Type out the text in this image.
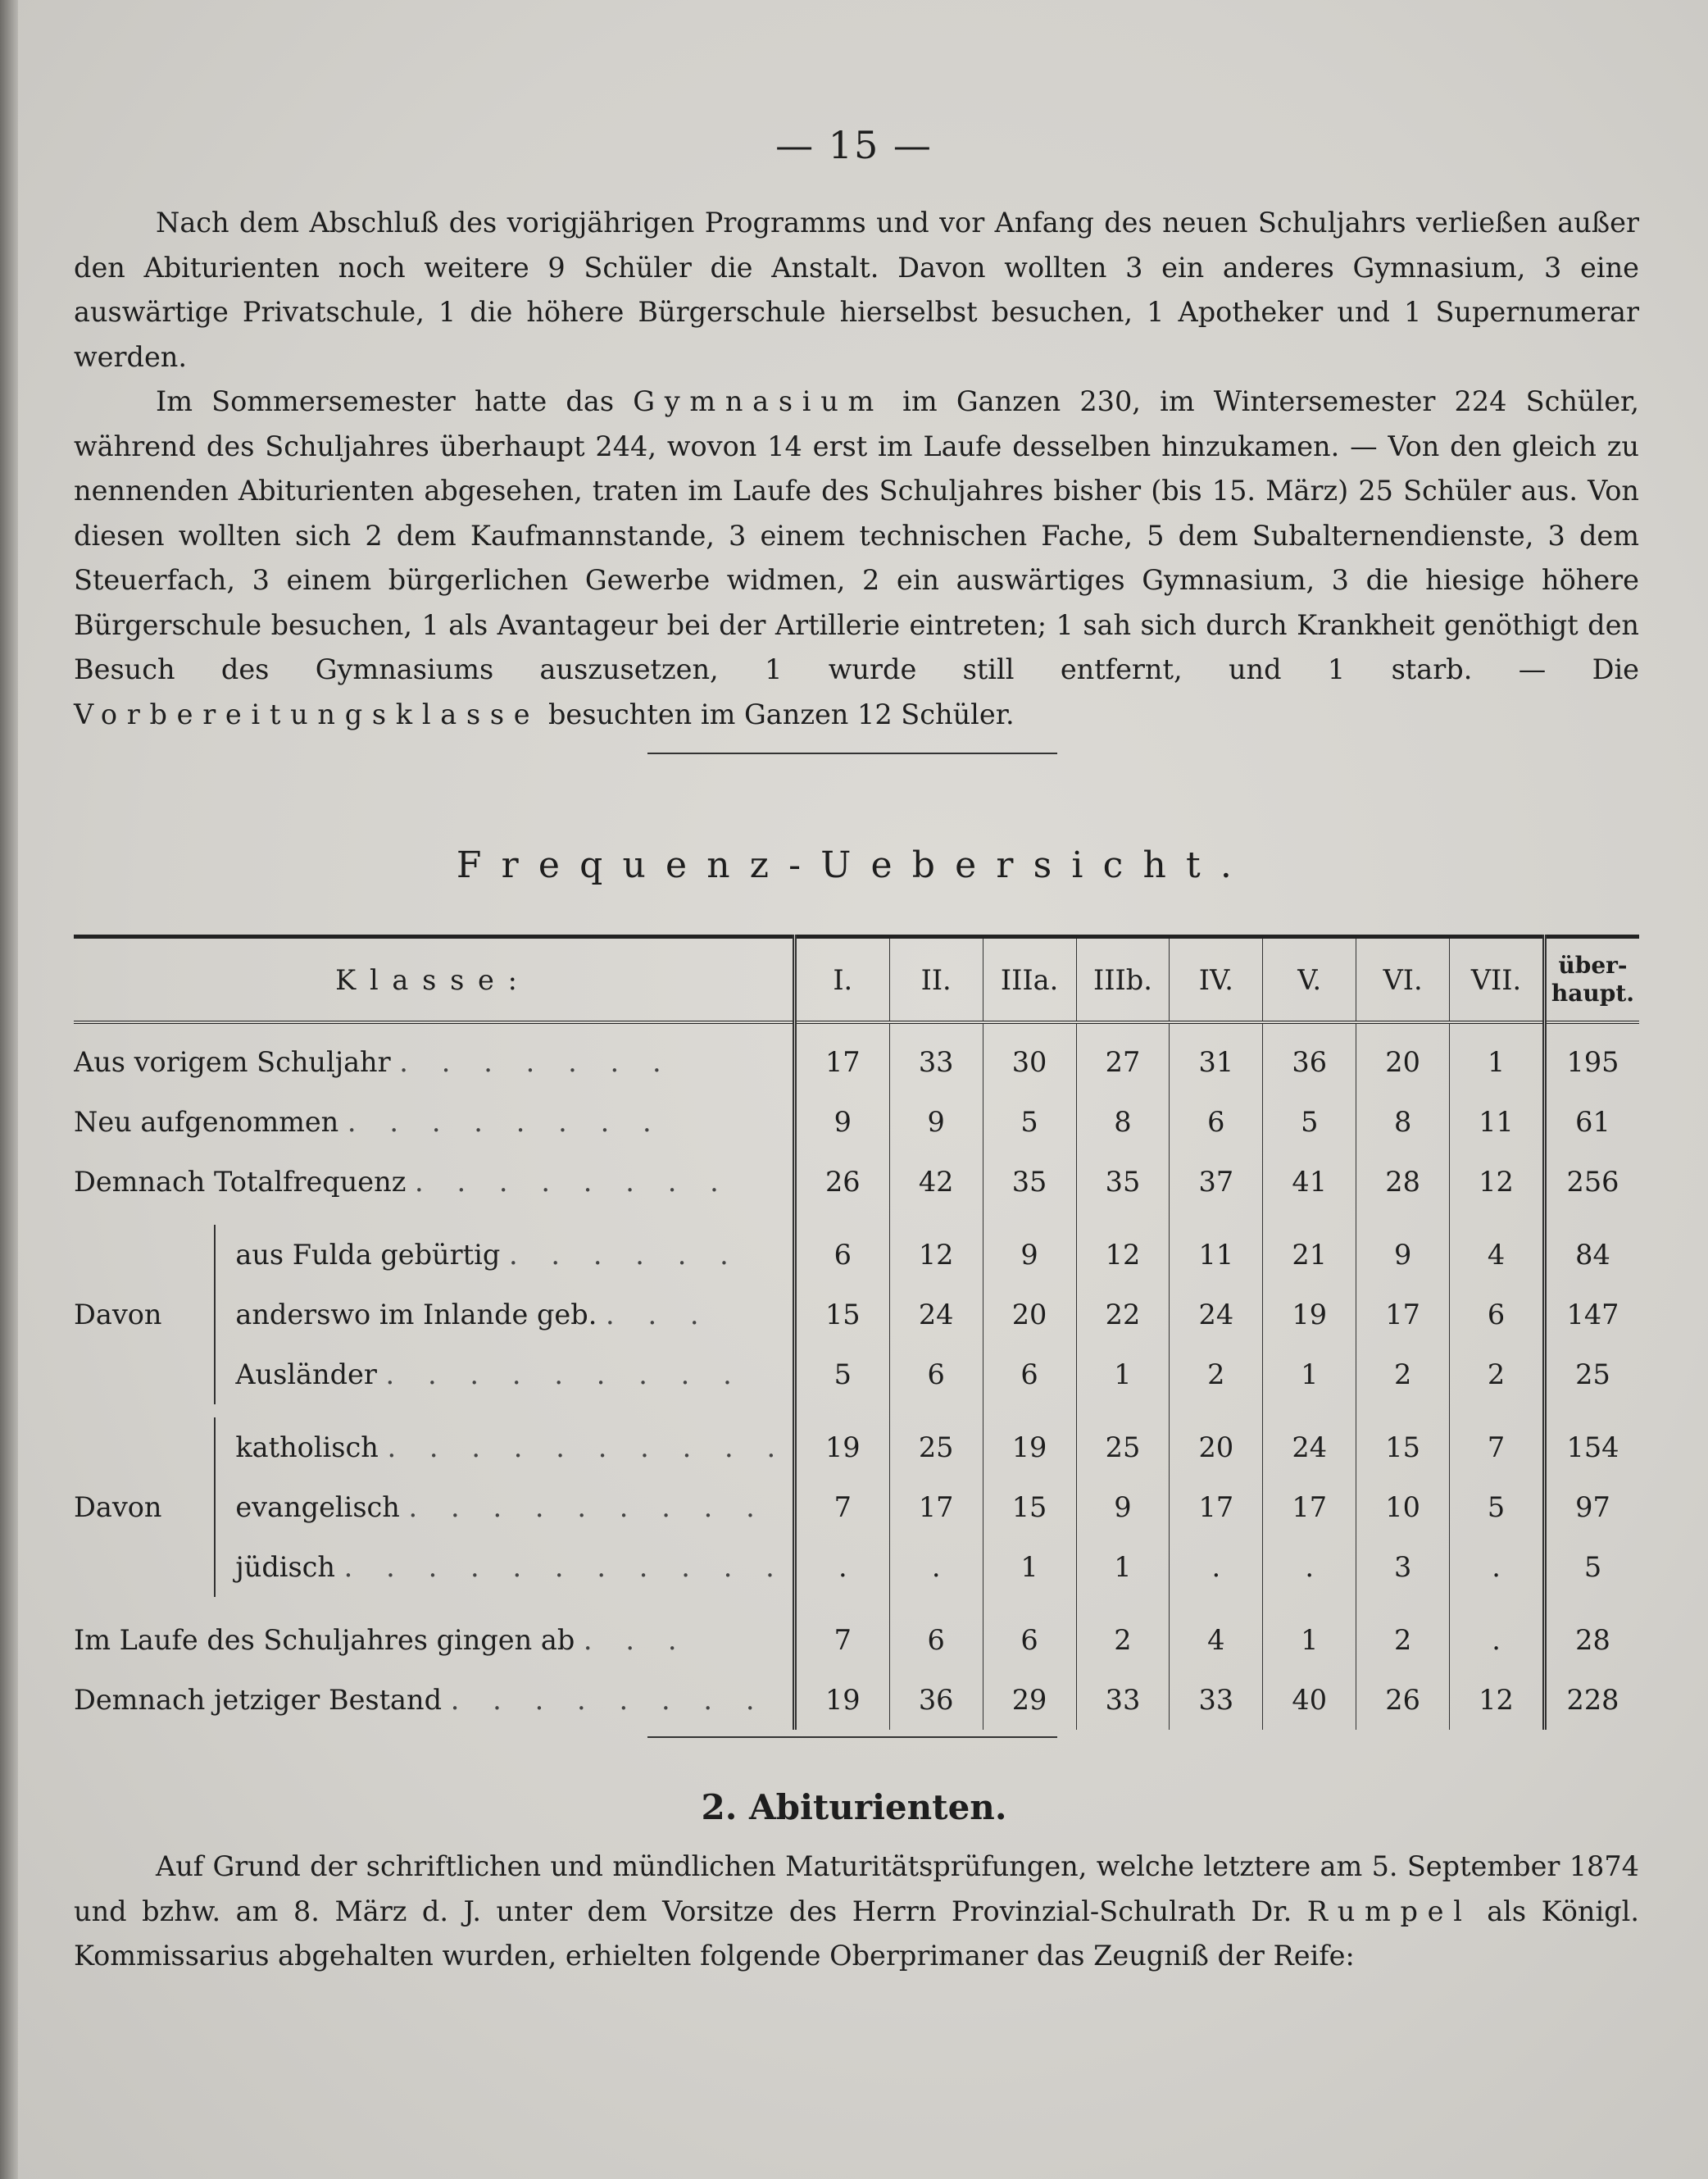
— 15 —

Nach dem Abschluß des vorigjährigen Programms und vor Anfang des neuen Schuljahrs verließen außer den Abiturienten noch weitere 9 Schüler die Anstalt. Davon wollten 3 ein anderes Gymnasium, 3 eine auswärtige Privatschule, 1 die höhere Bürgerschule hierselbst besuchen, 1 Apotheker und 1 Supernumerar werden.

Im Sommersemester hatte das Gymnasium im Ganzen 230, im Wintersemester 224 Schüler, während des Schuljahres überhaupt 244, wovon 14 erst im Laufe desselben hinzukamen. — Von den gleich zu nennenden Abiturienten abgesehen, traten im Laufe des Schuljahres bisher (bis 15. März) 25 Schüler aus. Von diesen wollten sich 2 dem Kaufmannstande, 3 einem technischen Fache, 5 dem Subalternendienste, 3 dem Steuerfach, 3 einem bürgerlichen Gewerbe widmen, 2 ein auswärtiges Gymnasium, 3 die hiesige höhere Bürgerschule besuchen, 1 als Avantageur bei der Artillerie eintreten; 1 sah sich durch Krankheit genöthigt den Besuch des Gymnasiums auszusetzen, 1 wurde still entfernt, und 1 starb. — Die Vorbereitungsklasse besuchten im Ganzen 12 Schüler.

Frequenz-Uebersicht.
Klasse:		I.	II.	IIIa.	IIIb.	IV.	V.	VI.	VII.	über-
haupt.
Aus vorigem Schuljahr . . . . . . .		17	33	30	27	31	36	20	1	195
Neu aufgenommen . . . . . . . .		9	9	5	8	6	5	8	11	61
Demnach Totalfrequenz . . . . . . . .		26	42	35	35	37	41	28	12	256

Davon	aus Fulda gebürtig . . . . . .	6	12	9	12	11	21	9	4	84
	anderswo im Inlande geb. . . .	15	24	20	22	24	19	17	6	147
	Ausländer . . . . . . . . .	5	6	6	1	2	1	2	2	25

Davon	katholisch . . . . . . . . . .	19	25	19	25	20	24	15	7	154
	evangelisch . . . . . . . . .	7	17	15	9	17	17	10	5	97
	jüdisch . . . . . . . . . . .	.	.	1	1	.	.	3	.	5

Im Laufe des Schuljahres gingen ab . . .		7	6	6	2	4	1	2	.	28
Demnach jetziger Bestand . . . . . . . .		19	36	29	33	33	40	26	12	228
2. Abiturienten.

Auf Grund der schriftlichen und mündlichen Maturitätsprüfungen, welche letztere am 5. September 1874 und bzhw. am 8. März d. J. unter dem Vorsitze des Herrn Provinzial-Schulrath Dr. Rumpel als Königl. Kommissarius abgehalten wurden, erhielten folgende Oberprimaner das Zeugniß der Reife:
